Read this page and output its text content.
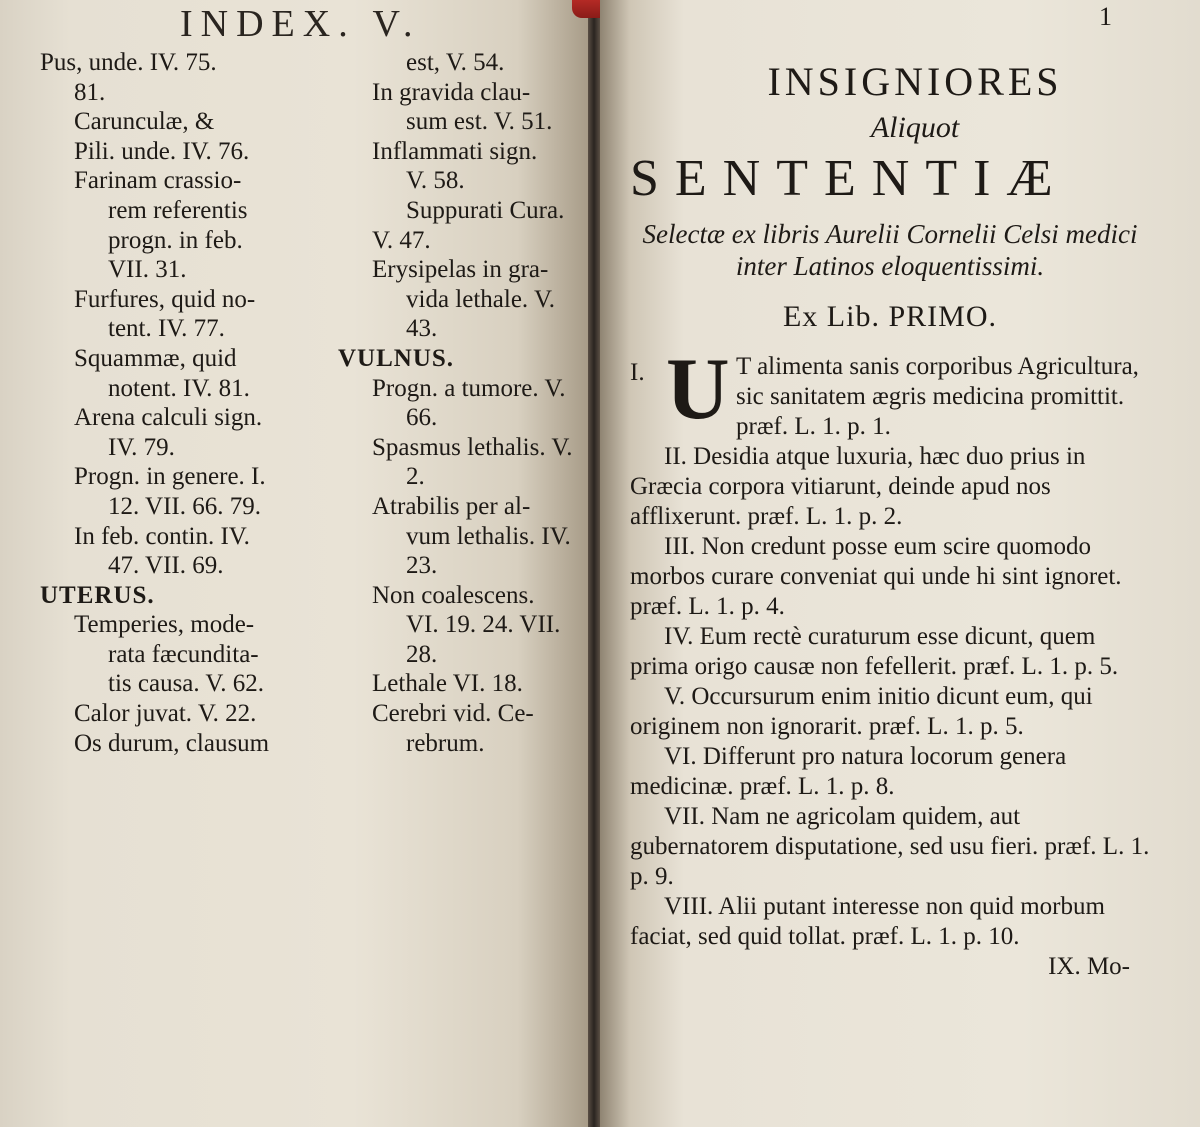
INDEX. V.
Pus, unde. IV. 75.
81.
Carunculæ, &
Pili. unde. IV. 76.
Farinam crassio-
rem referentis
progn. in feb.
VII. 31.
Furfures, quid no-
tent. IV. 77.
Squammæ, quid
notent. IV. 81.
Arena calculi sign.
IV. 79.
Progn. in genere. I.
12. VII. 66. 79.
In feb. contin. IV.
47. VII. 69.
UTERUS.
Temperies, mode-
rata fæcundita-
tis causa. V. 62.
Calor juvat. V. 22.
Os durum, clausum
est, V. 54.
In gravida clau-
sum est. V. 51.
Inflammati sign.
V. 58.
Suppurati Cura.
V. 47.
Erysipelas in gra-
vida lethale. V.
43.
VULNUS.
Progn. a tumore. V.
66.
Spasmus lethalis. V.
2.
Atrabilis per al-
vum lethalis. IV.
23.
Non coalescens.
VI. 19. 24. VII.
28.
Lethale VI. 18.
Cerebri vid. Ce-
rebrum.
1
INSIGNIORES
Aliquot
SENTENTIÆ
Selectæ ex libris Aurelii Cornelii Celsi medici inter Latinos eloquentissimi.
Ex Lib. PRIMO.
I. U T alimenta sanis corporibus Agricultura, sic sanitatem ægris medicina promittit. præf. L. 1. p. 1.
II. Desidia atque luxuria, hæc duo prius in Græcia corpora vitiarunt, deinde apud nos afflixerunt. præf. L. 1. p. 2.
III. Non credunt posse eum scire quomodo morbos curare conveniat qui unde hi sint ignoret. præf. L. 1. p. 4.
IV. Eum rectè curaturum esse dicunt, quem prima origo causæ non fefellerit. præf. L. 1. p. 5.
V. Occursurum enim initio dicunt eum, qui originem non ignorarit. præf. L. 1. p. 5.
VI. Differunt pro natura locorum genera medicinæ. præf. L. 1. p. 8.
VII. Nam ne agricolam quidem, aut gubernatorem disputatione, sed usu fieri. præf. L. 1. p. 9.
VIII. Alii putant interesse non quid morbum faciat, sed quid tollat. præf. L. 1. p. 10.
IX. Mo-
